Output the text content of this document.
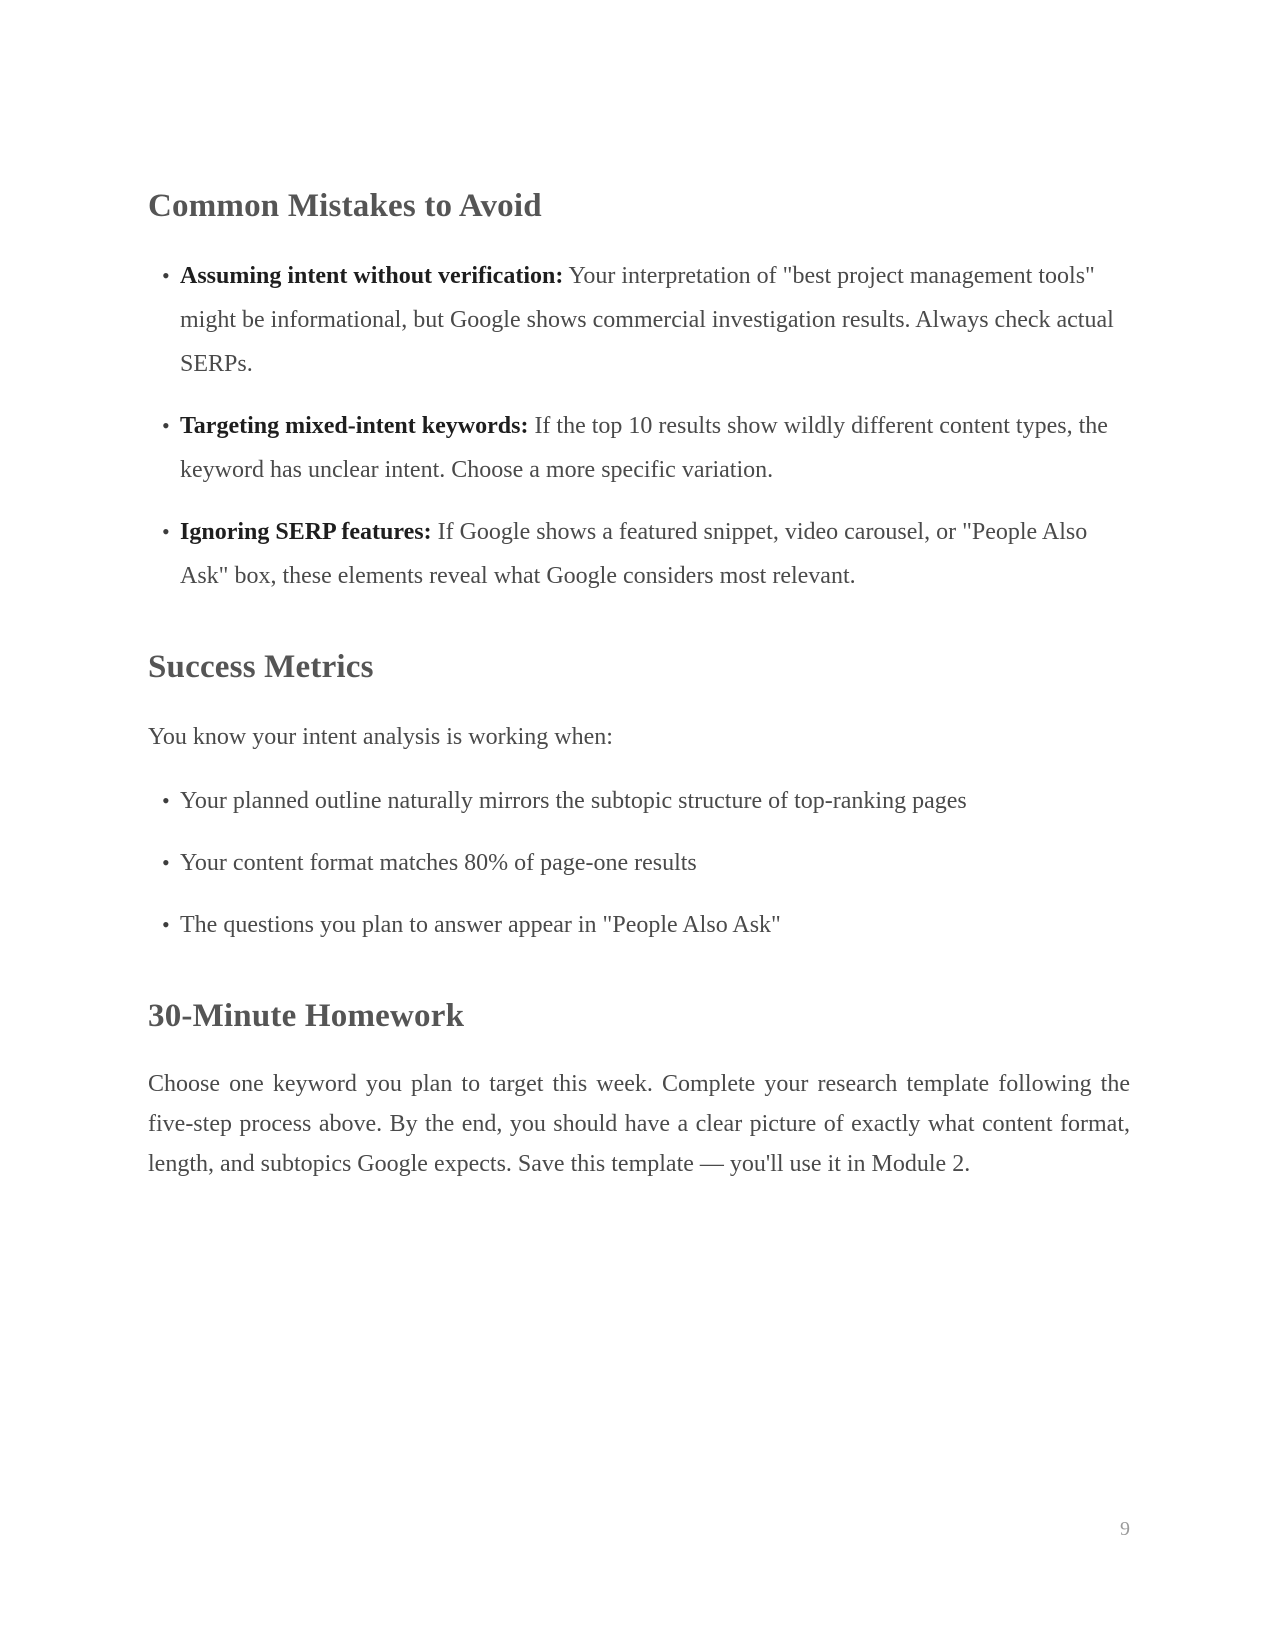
Common Mistakes to Avoid
• Assuming intent without verification: Your interpretation of "best project management tools" might be informational, but Google shows commercial investigation results. Always check actual SERPs.
• Targeting mixed-intent keywords: If the top 10 results show wildly different content types, the keyword has unclear intent. Choose a more specific variation.
• Ignoring SERP features: If Google shows a featured snippet, video carousel, or "People Also Ask" box, these elements reveal what Google considers most relevant.
Success Metrics

You know your intent analysis is working when:

• Your planned outline naturally mirrors the subtopic structure of top-ranking pages
• Your content format matches 80% of page-one results
• The questions you plan to answer appear in "People Also Ask"
30-Minute Homework

Choose one keyword you plan to target this week. Complete your research template following the five-step process above. By the end, you should have a clear picture of exactly what content format, length, and subtopics Google expects. Save this template — you'll use it in Module 2.

9
